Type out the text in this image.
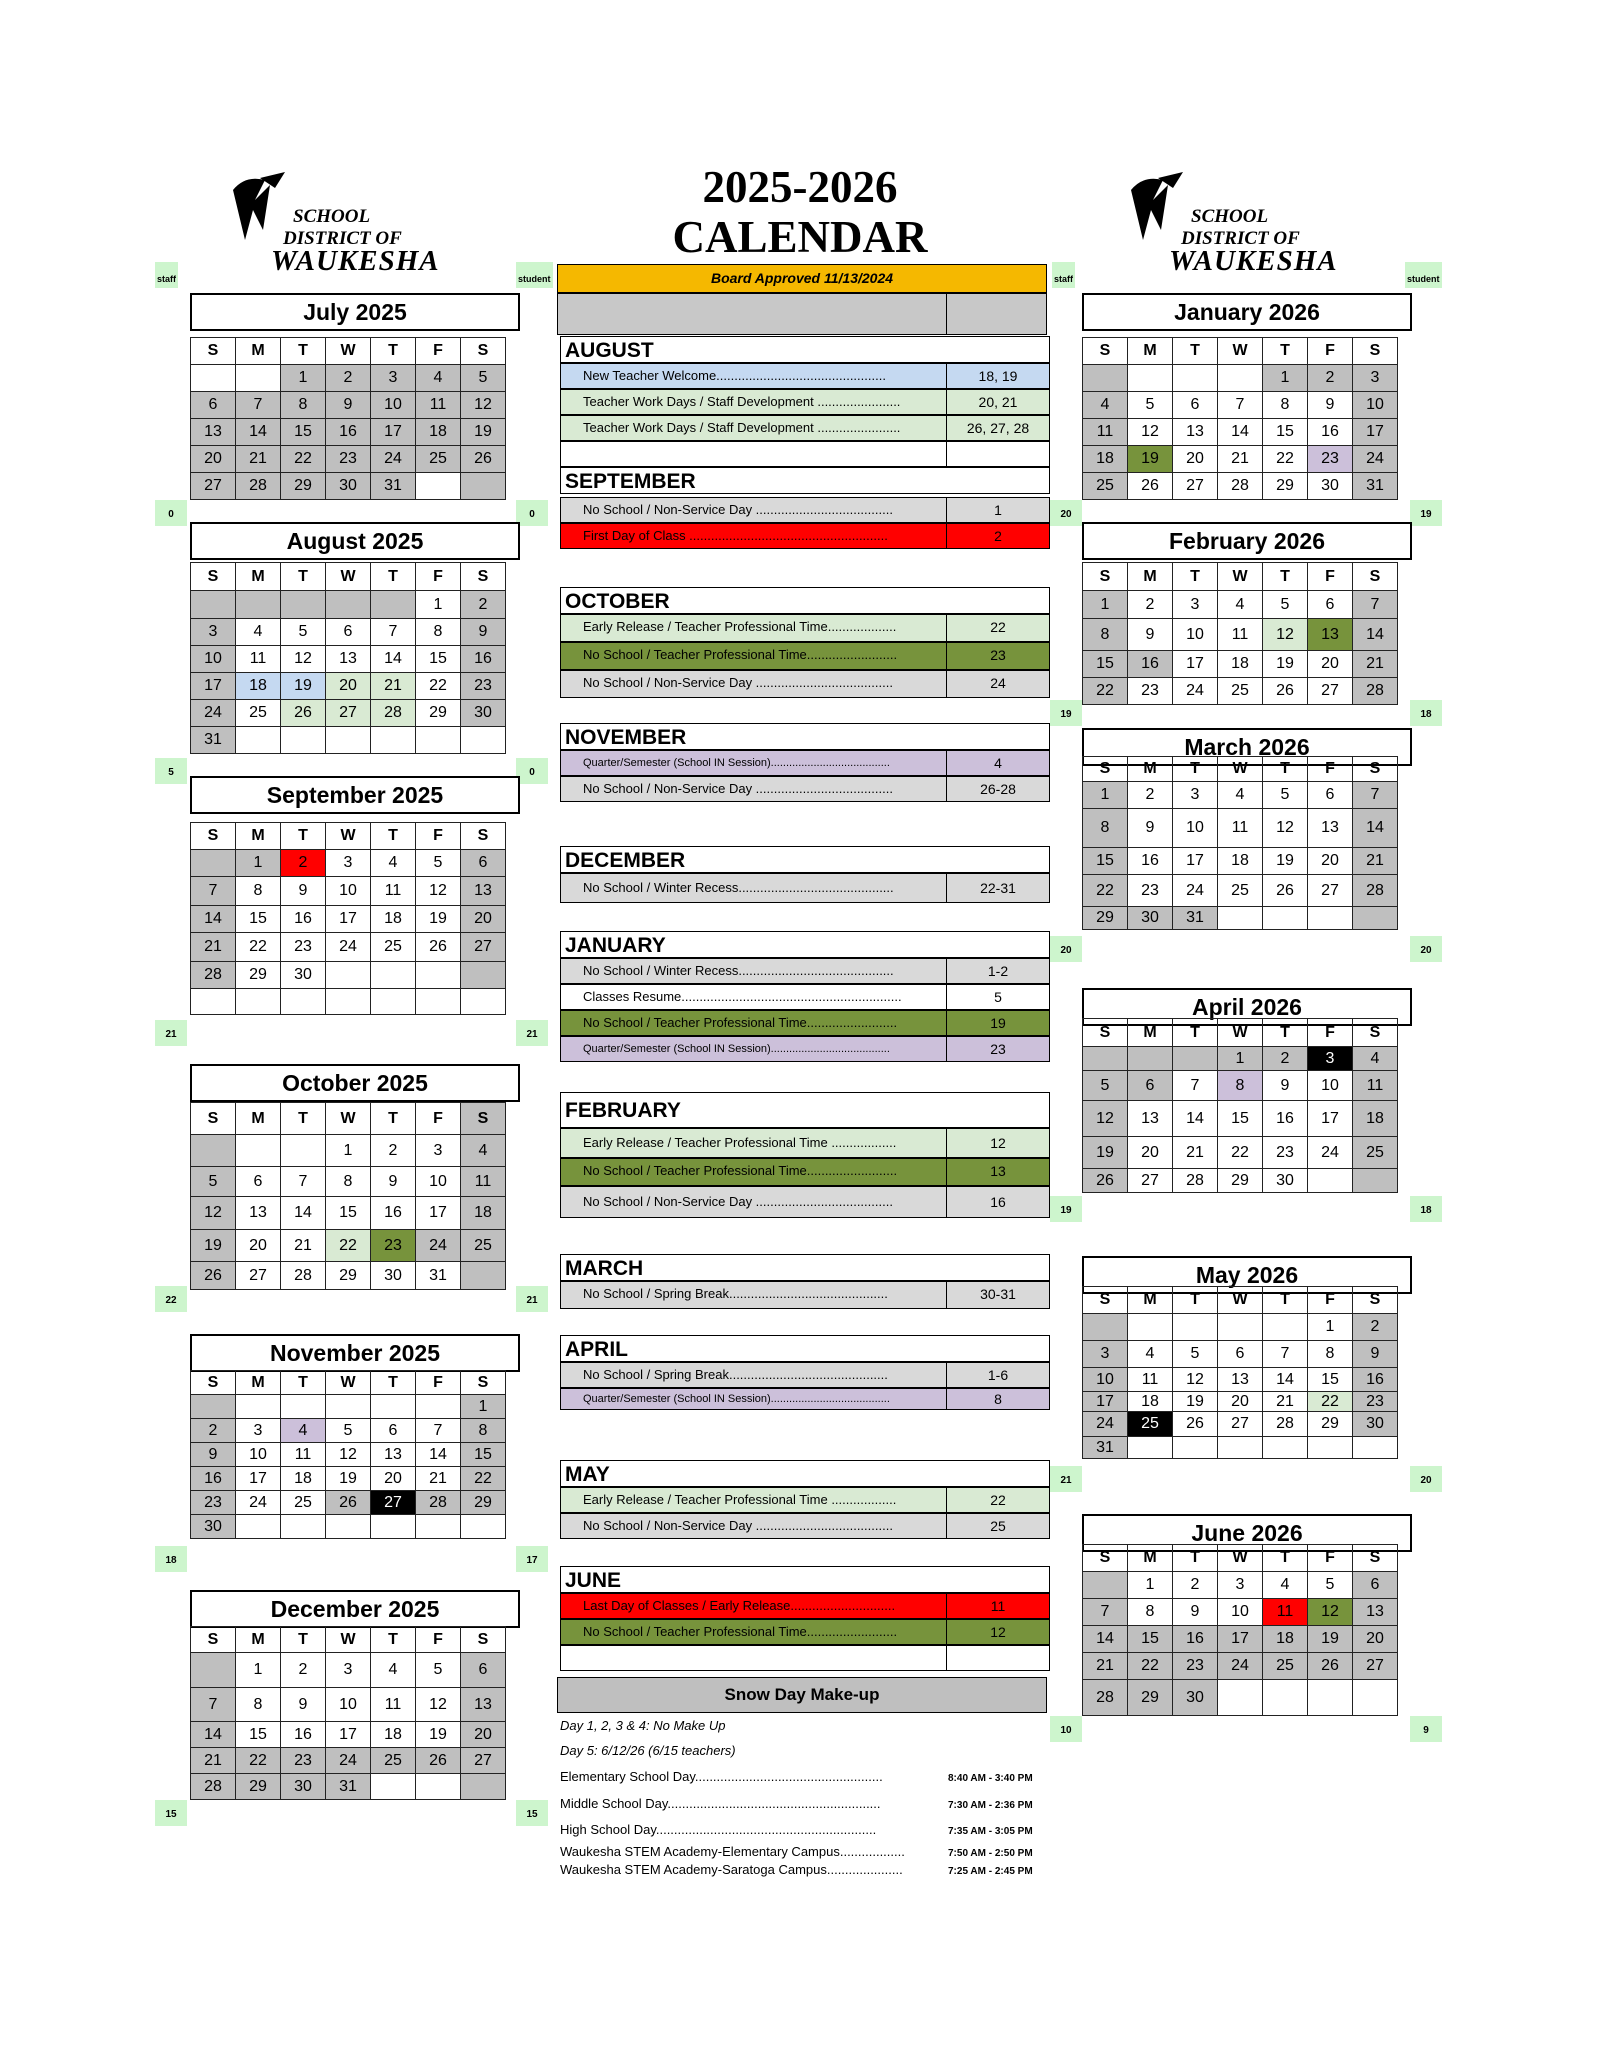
2025-2026
CALENDAR
SCHOOL
DISTRICT OF
WAUKESHA
SCHOOL
DISTRICT OF
WAUKESHA
staff	student	staff	student
Board Approved 11/13/2024
July 2025
S	M	T	W	T	F	S
		1	2	3	4	5
6	7	8	9	10	11	12
13	14	15	16	17	18	19
20	21	22	23	24	25	26
27	28	29	30	31		
0	0
August 2025
S	M	T	W	T	F	S
					1	2
3	4	5	6	7	8	9
10	11	12	13	14	15	16
17	18	19	20	21	22	23
24	25	26	27	28	29	30
31						
5	0
September 2025
S	M	T	W	T	F	S
	1	2	3	4	5	6
7	8	9	10	11	12	13
14	15	16	17	18	19	20
21	22	23	24	25	26	27
28	29	30				

21	21
October 2025
S	M	T	W	T	F	S
			1	2	3	4
5	6	7	8	9	10	11
12	13	14	15	16	17	18
19	20	21	22	23	24	25
26	27	28	29	30	31	
22	21
November 2025
S	M	T	W	T	F	S
						1
2	3	4	5	6	7	8
9	10	11	12	13	14	15
16	17	18	19	20	21	22
23	24	25	26	27	28	29
30						
18	17
December 2025
S	M	T	W	T	F	S
	1	2	3	4	5	6
7	8	9	10	11	12	13
14	15	16	17	18	19	20
21	22	23	24	25	26	27
28	29	30	31			
15	15
January 2026
S	M	T	W	T	F	S
				1	2	3
4	5	6	7	8	9	10
11	12	13	14	15	16	17
18	19	20	21	22	23	24
25	26	27	28	29	30	31
20	19
February 2026
S	M	T	W	T	F	S
1	2	3	4	5	6	7
8	9	10	11	12	13	14
15	16	17	18	19	20	21
22	23	24	25	26	27	28
19	18
March 2026
S	M	T	W	T	F	S
1	2	3	4	5	6	7
8	9	10	11	12	13	14
15	16	17	18	19	20	21
22	23	24	25	26	27	28
29	30	31				
20	20
April 2026
S	M	T	W	T	F	S
			1	2	3	4
5	6	7	8	9	10	11
12	13	14	15	16	17	18
19	20	21	22	23	24	25
26	27	28	29	30		
19	18
May 2026
S	M	T	W	T	F	S
					1	2
3	4	5	6	7	8	9
10	11	12	13	14	15	16
17	18	19	20	21	22	23
24	25	26	27	28	29	30
31						
21	20
June 2026
S	M	T	W	T	F	S
	1	2	3	4	5	6
7	8	9	10	11	12	13
14	15	16	17	18	19	20
21	22	23	24	25	26	27
28	29	30				
10	9
AUGUST
New Teacher Welcome...............................................	18, 19
Teacher Work Days / Staff Development .......................	20, 21
Teacher Work Days / Staff Development .......................	26, 27, 28
SEPTEMBER
No School / Non-Service Day ......................................	1
First Day of Class .......................................................	2
OCTOBER
Early Release / Teacher Professional Time...................	22
No School / Teacher Professional Time.........................	23
No School / Non-Service Day ......................................	24
NOVEMBER
Quarter/Semester (School IN Session).......................................	4
No School / Non-Service Day ......................................	26-28
DECEMBER
No School / Winter Recess...........................................	22-31
JANUARY
No School / Winter Recess...........................................	1-2
Classes Resume.............................................................	5
No School / Teacher Professional Time.........................	19
Quarter/Semester (School IN Session).......................................	23
FEBRUARY
Early Release / Teacher Professional Time ..................	12
No School / Teacher Professional Time.........................	13
No School / Non-Service Day ......................................	16
MARCH
No School / Spring Break............................................	30-31
APRIL
No School / Spring Break............................................	1-6
Quarter/Semester (School IN Session).......................................	8
MAY
Early Release / Teacher Professional Time ..................	22
No School / Non-Service Day ......................................	25
JUNE
Last Day of Classes / Early Release.............................	11
No School / Teacher Professional Time.........................	12
Snow Day Make-up
Day 1, 2, 3 & 4: No Make Up
Day 5: 6/12/26 (6/15 teachers)
Elementary School Day....................................................	8:40 AM - 3:40 PM
Middle School Day...........................................................	7:30 AM - 2:36 PM
High School Day.............................................................	7:35 AM - 3:05 PM
Waukesha STEM Academy-Elementary Campus..................	7:50 AM - 2:50 PM
Waukesha STEM Academy-Saratoga Campus.....................	7:25 AM - 2:45 PM
